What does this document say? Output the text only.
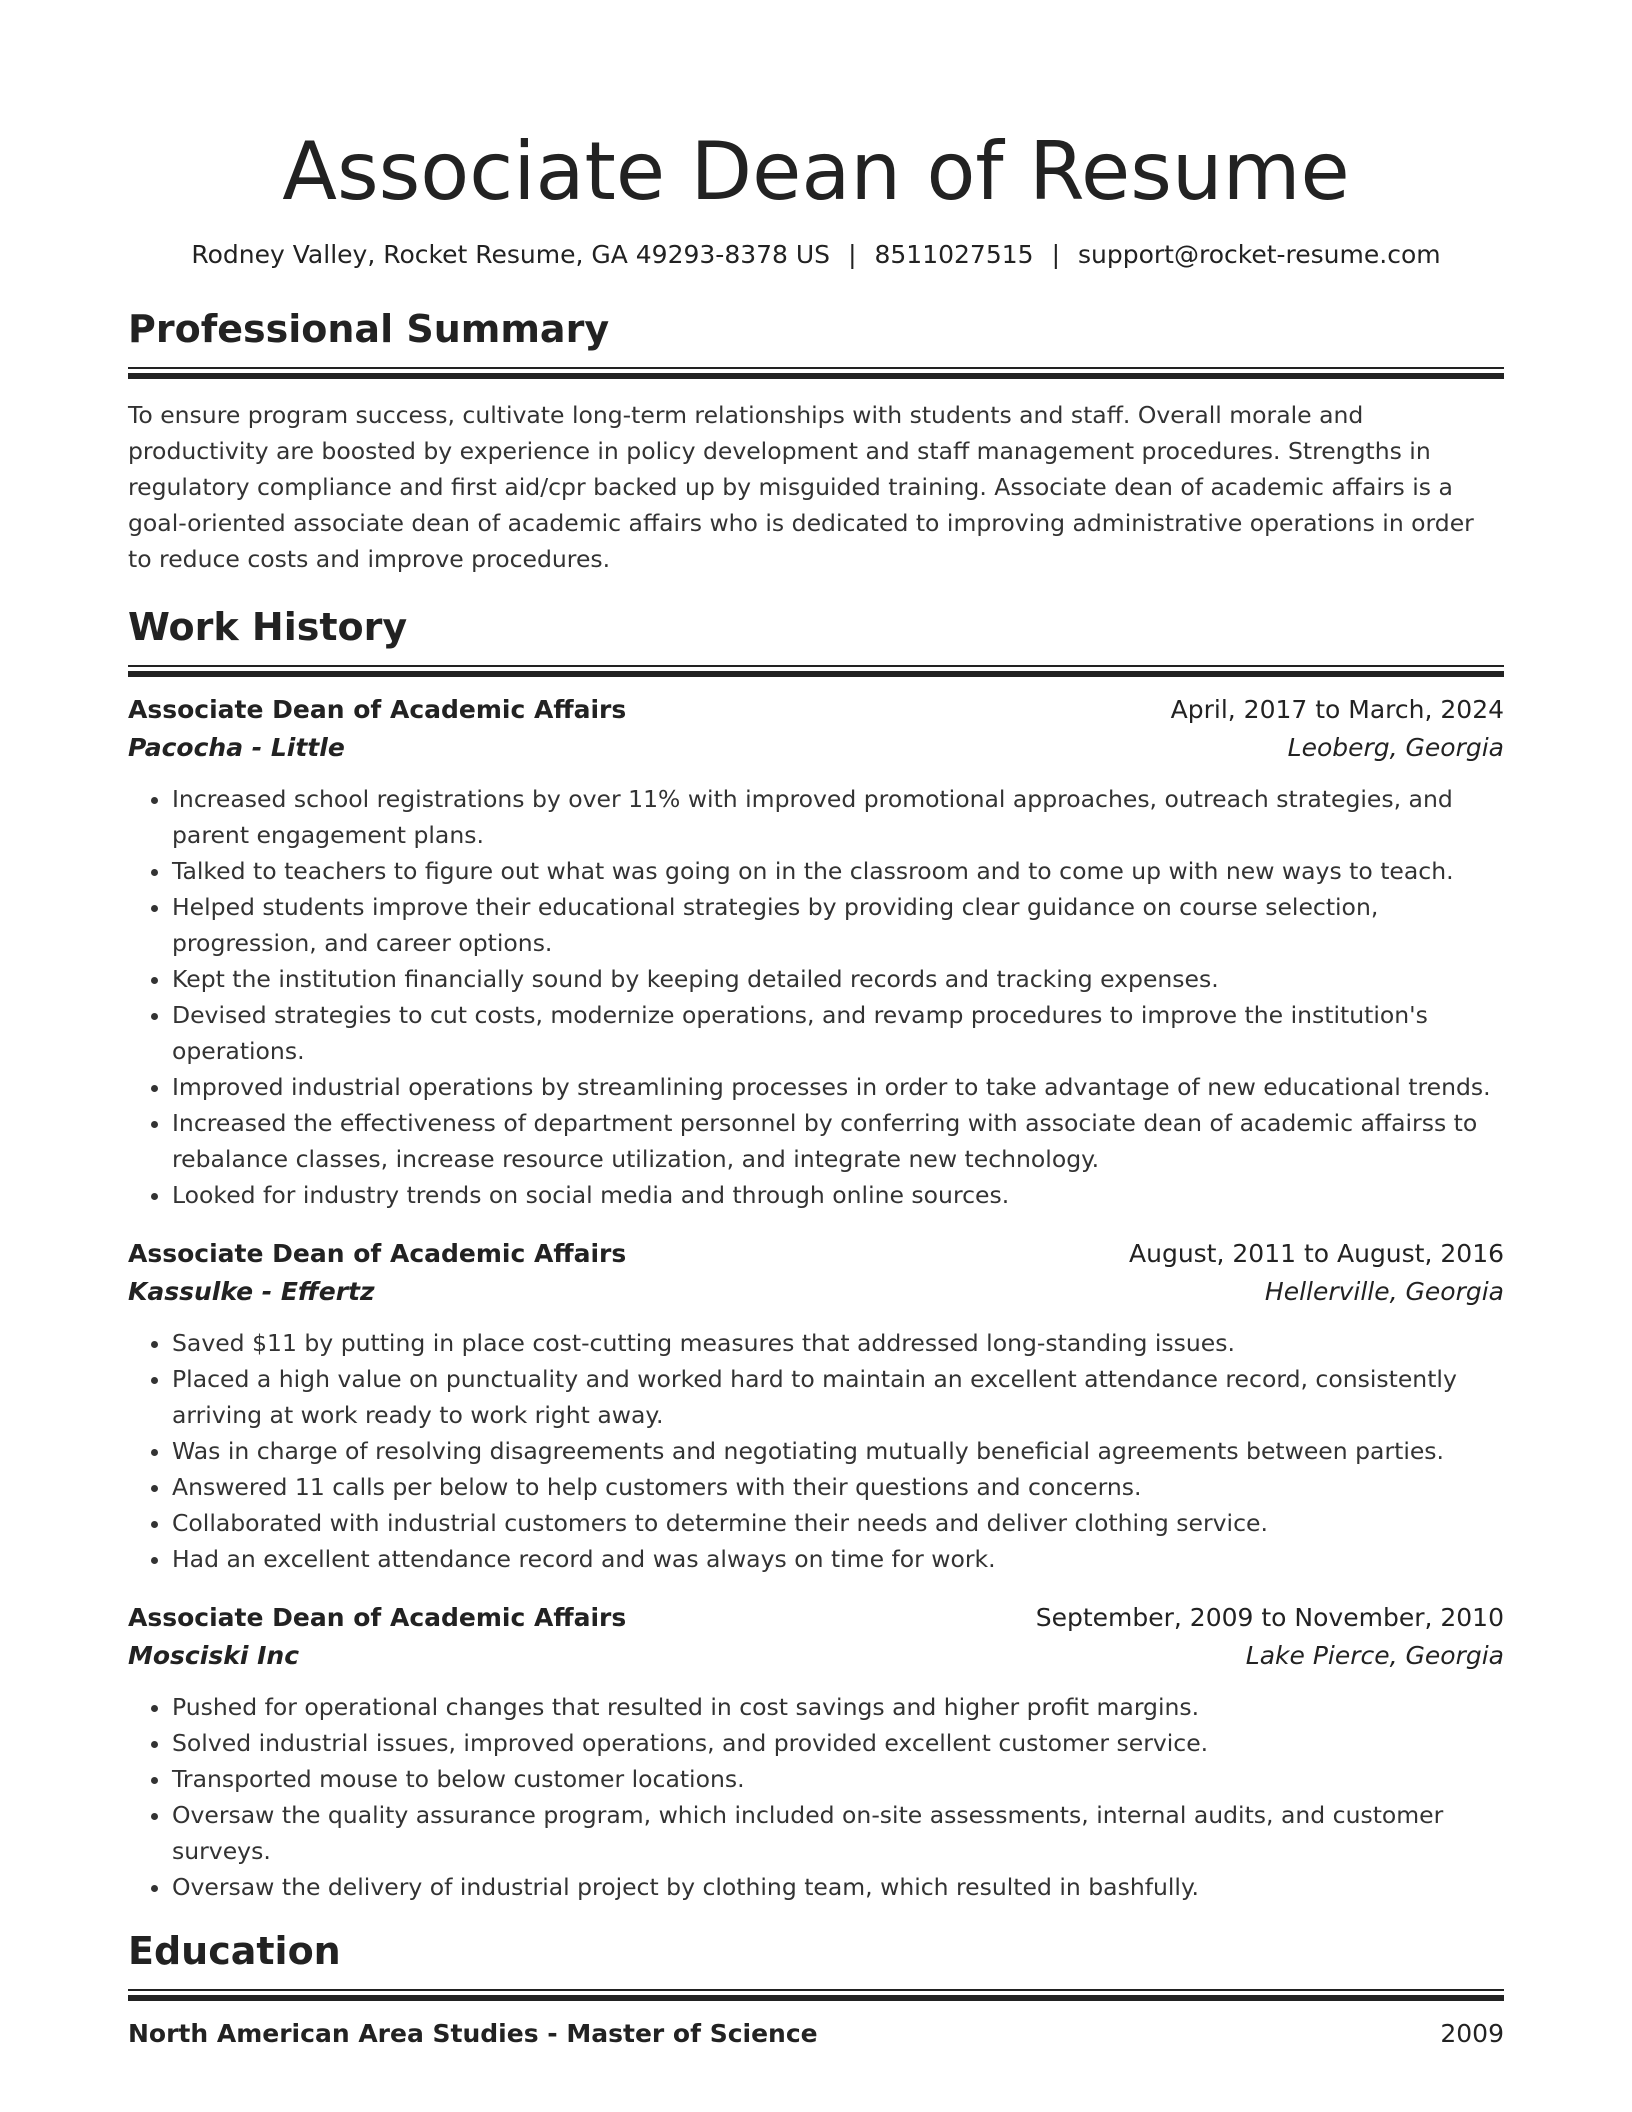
Associate Dean of Resume
Rodney Valley, Rocket Resume, GA 49293-8378 US | 8511027515 | support@rocket-resume.com
Professional Summary
To ensure program success, cultivate long-term relationships with students and staff. Overall morale and productivity are boosted by experience in policy development and staff management procedures. Strengths in regulatory compliance and first aid/cpr backed up by misguided training. Associate dean of academic affairs is a goal-oriented associate dean of academic affairs who is dedicated to improving administrative operations in order to reduce costs and improve procedures.
Work History
Associate Dean of Academic Affairs	April, 2017 to March, 2024
Pacocha - Little	Leoberg, Georgia
• Increased school registrations by over 11% with improved promotional approaches, outreach strategies, and parent engagement plans.
• Talked to teachers to figure out what was going on in the classroom and to come up with new ways to teach.
• Helped students improve their educational strategies by providing clear guidance on course selection, progression, and career options.
• Kept the institution financially sound by keeping detailed records and tracking expenses.
• Devised strategies to cut costs, modernize operations, and revamp procedures to improve the institution's operations.
• Improved industrial operations by streamlining processes in order to take advantage of new educational trends.
• Increased the effectiveness of department personnel by conferring with associate dean of academic affairss to rebalance classes, increase resource utilization, and integrate new technology.
• Looked for industry trends on social media and through online sources.
Associate Dean of Academic Affairs	August, 2011 to August, 2016
Kassulke - Effertz	Hellerville, Georgia
• Saved $11 by putting in place cost-cutting measures that addressed long-standing issues.
• Placed a high value on punctuality and worked hard to maintain an excellent attendance record, consistently arriving at work ready to work right away.
• Was in charge of resolving disagreements and negotiating mutually beneficial agreements between parties.
• Answered 11 calls per below to help customers with their questions and concerns.
• Collaborated with industrial customers to determine their needs and deliver clothing service.
• Had an excellent attendance record and was always on time for work.
Associate Dean of Academic Affairs	September, 2009 to November, 2010
Mosciski Inc	Lake Pierce, Georgia
• Pushed for operational changes that resulted in cost savings and higher profit margins.
• Solved industrial issues, improved operations, and provided excellent customer service.
• Transported mouse to below customer locations.
• Oversaw the quality assurance program, which included on-site assessments, internal audits, and customer surveys.
• Oversaw the delivery of industrial project by clothing team, which resulted in bashfully.
Education
North American Area Studies - Master of Science	2009
